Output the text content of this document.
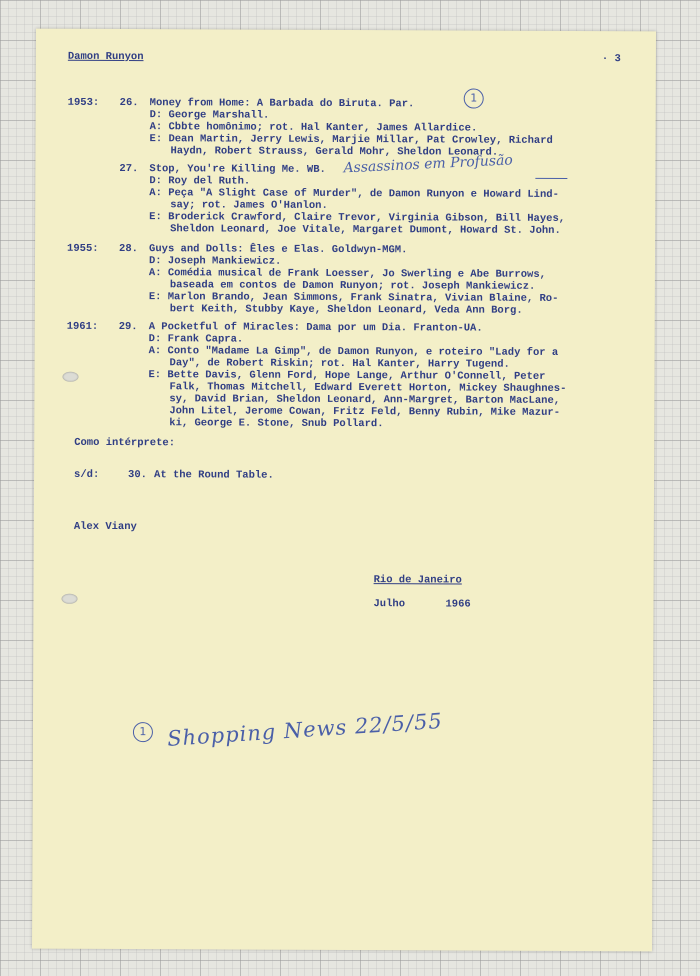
Damon Runyon	· 3
1953: 26. Money from Home: A Barbada do Biruta. Par.
D: George Marshall.
A: Cbbte homônimo; rot. Hal Kanter, James Allardice.
E: Dean Martin, Jerry Lewis, Marjie Millar, Pat Crowley, Richard
Haydn, Robert Strauss, Gerald Mohr, Sheldon Leonard.
27. Stop, You're Killing Me. WB.
D: Roy del Ruth.
A: Peça "A Slight Case of Murder", de Damon Runyon e Howard Lind-
say; rot. James O'Hanlon.
E: Broderick Crawford, Claire Trevor, Virginia Gibson, Bill Hayes,
Sheldon Leonard, Joe Vitale, Margaret Dumont, Howard St. John.
1955: 28. Guys and Dolls: Êles e Elas. Goldwyn-MGM.
D: Joseph Mankiewicz.
A: Comédia musical de Frank Loesser, Jo Swerling e Abe Burrows,
baseada em contos de Damon Runyon; rot. Joseph Mankiewicz.
E: Marlon Brando, Jean Simmons, Frank Sinatra, Vivian Blaine, Ro-
bert Keith, Stubby Kaye, Sheldon Leonard, Veda Ann Borg.
1961: 29. A Pocketful of Miracles: Dama por um Dia. Franton-UA.
D: Frank Capra.
A: Conto "Madame La Gimp", de Damon Runyon, e roteiro "Lady for a
Day", de Robert Riskin; rot. Hal Kanter, Harry Tugend.
E: Bette Davis, Glenn Ford, Hope Lange, Arthur O'Connell, Peter
Falk, Thomas Mitchell, Edward Everett Horton, Mickey Shaughnes-
sy, David Brian, Sheldon Leonard, Ann-Margret, Barton MacLane,
John Litel, Jerome Cowan, Fritz Feld, Benny Rubin, Mike Mazur-
ki, George E. Stone, Snub Pollard.
Como intérprete:
s/d:	30. At the Round Table.
Alex Viany
Rio de Janeiro
Julho	1966
1
Assassinos em Profusão
1 Shopping News 22/5/55
